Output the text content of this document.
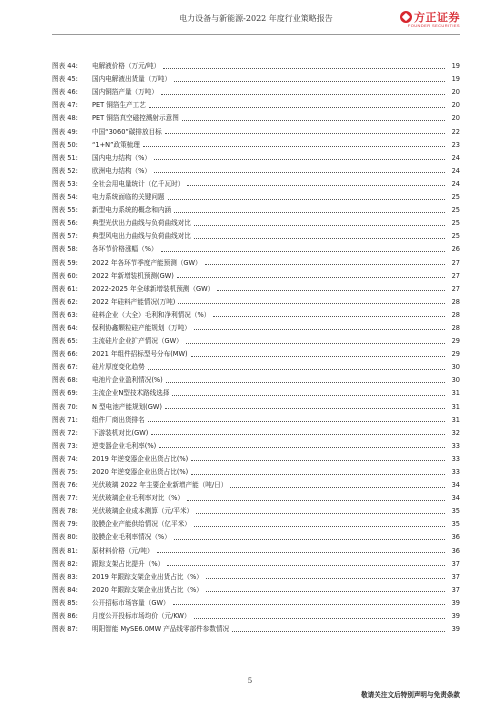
电力设备与新能源-2022 年度行业策略报告	方正证券
FOUNDER SECURITIES
图表 44:	电解液价格（万元/吨）	19
图表 45:	国内电解液出货量（万吨）	19
图表 46:	国内铜箔产量（万吨）	20
图表 47:	PET 铜箔生产工艺	20
图表 48:	PET 铜箔真空磁控溅射示意图	20
图表 49:	中国“3060”碳排放目标	22
图表 50:	“1+N”政策梳理	23
图表 51:	国内电力结构（%）	24
图表 52:	欧洲电力结构（%）	24
图表 53:	全社会用电量统计（亿千瓦时）	24
图表 54:	电力系统面临的关键问题	25
图表 55:	新型电力系统的概念和内涵	25
图表 56:	典型光伏出力曲线与负荷曲线对比	25
图表 57:	典型风电出力曲线与负荷曲线对比	25
图表 58:	各环节价格涨幅（%）	26
图表 59:	2022 年各环节季度产能预测（GW）	27
图表 60:	2022 年新增装机预测(GW)	27
图表 61:	2022-2025 年全球新增装机预测（GW）	27
图表 62:	2022 年硅料产能情况(万吨)	28
图表 63:	硅料企业（大全）毛利和净利情况（%）	28
图表 64:	保利协鑫颗粒硅产能规划（万吨）	28
图表 65:	主流硅片企业扩产情况（GW）	29
图表 66:	2021 年组件招标型号分布(MW)	29
图表 67:	硅片厚度变化趋势	30
图表 68:	电池片企业盈利情况(%)	30
图表 69:	主流企业N型技术路线选择	31
图表 70:	N 型电池产能规划(GW)	31
图表 71:	组件厂商出货排名	31
图表 72:	下游装机对比(GW)	32
图表 73:	逆变器企业毛利率(%)	33
图表 74:	2019 年逆变器企业出货占比(%)	33
图表 75:	2020 年逆变器企业出货占比(%)	33
图表 76:	光伏玻璃 2022 年主要企业新增产能（吨/日）	34
图表 77:	光伏玻璃企业毛利率对比（%）	34
图表 78:	光伏玻璃企业成本测算（元/平米）	35
图表 79:	胶膜企业产能供给情况（亿平米）	35
图表 80:	胶膜企业毛利率情况（%）	36
图表 81:	原材料价格（元/吨）	36
图表 82:	跟踪支架占比提升（%）	37
图表 83:	2019 年跟踪支架企业出货占比（%）	37
图表 84:	2020 年跟踪支架企业出货占比（%）	37
图表 85:	公开招标市场容量（GW）	39
图表 86:	月度公开投标市场均价（元/KW）	39
图表 87:	明阳智能 MySE6.0MW 产品线零部件参数情况	39
5
敬请关注文后特别声明与免责条款
